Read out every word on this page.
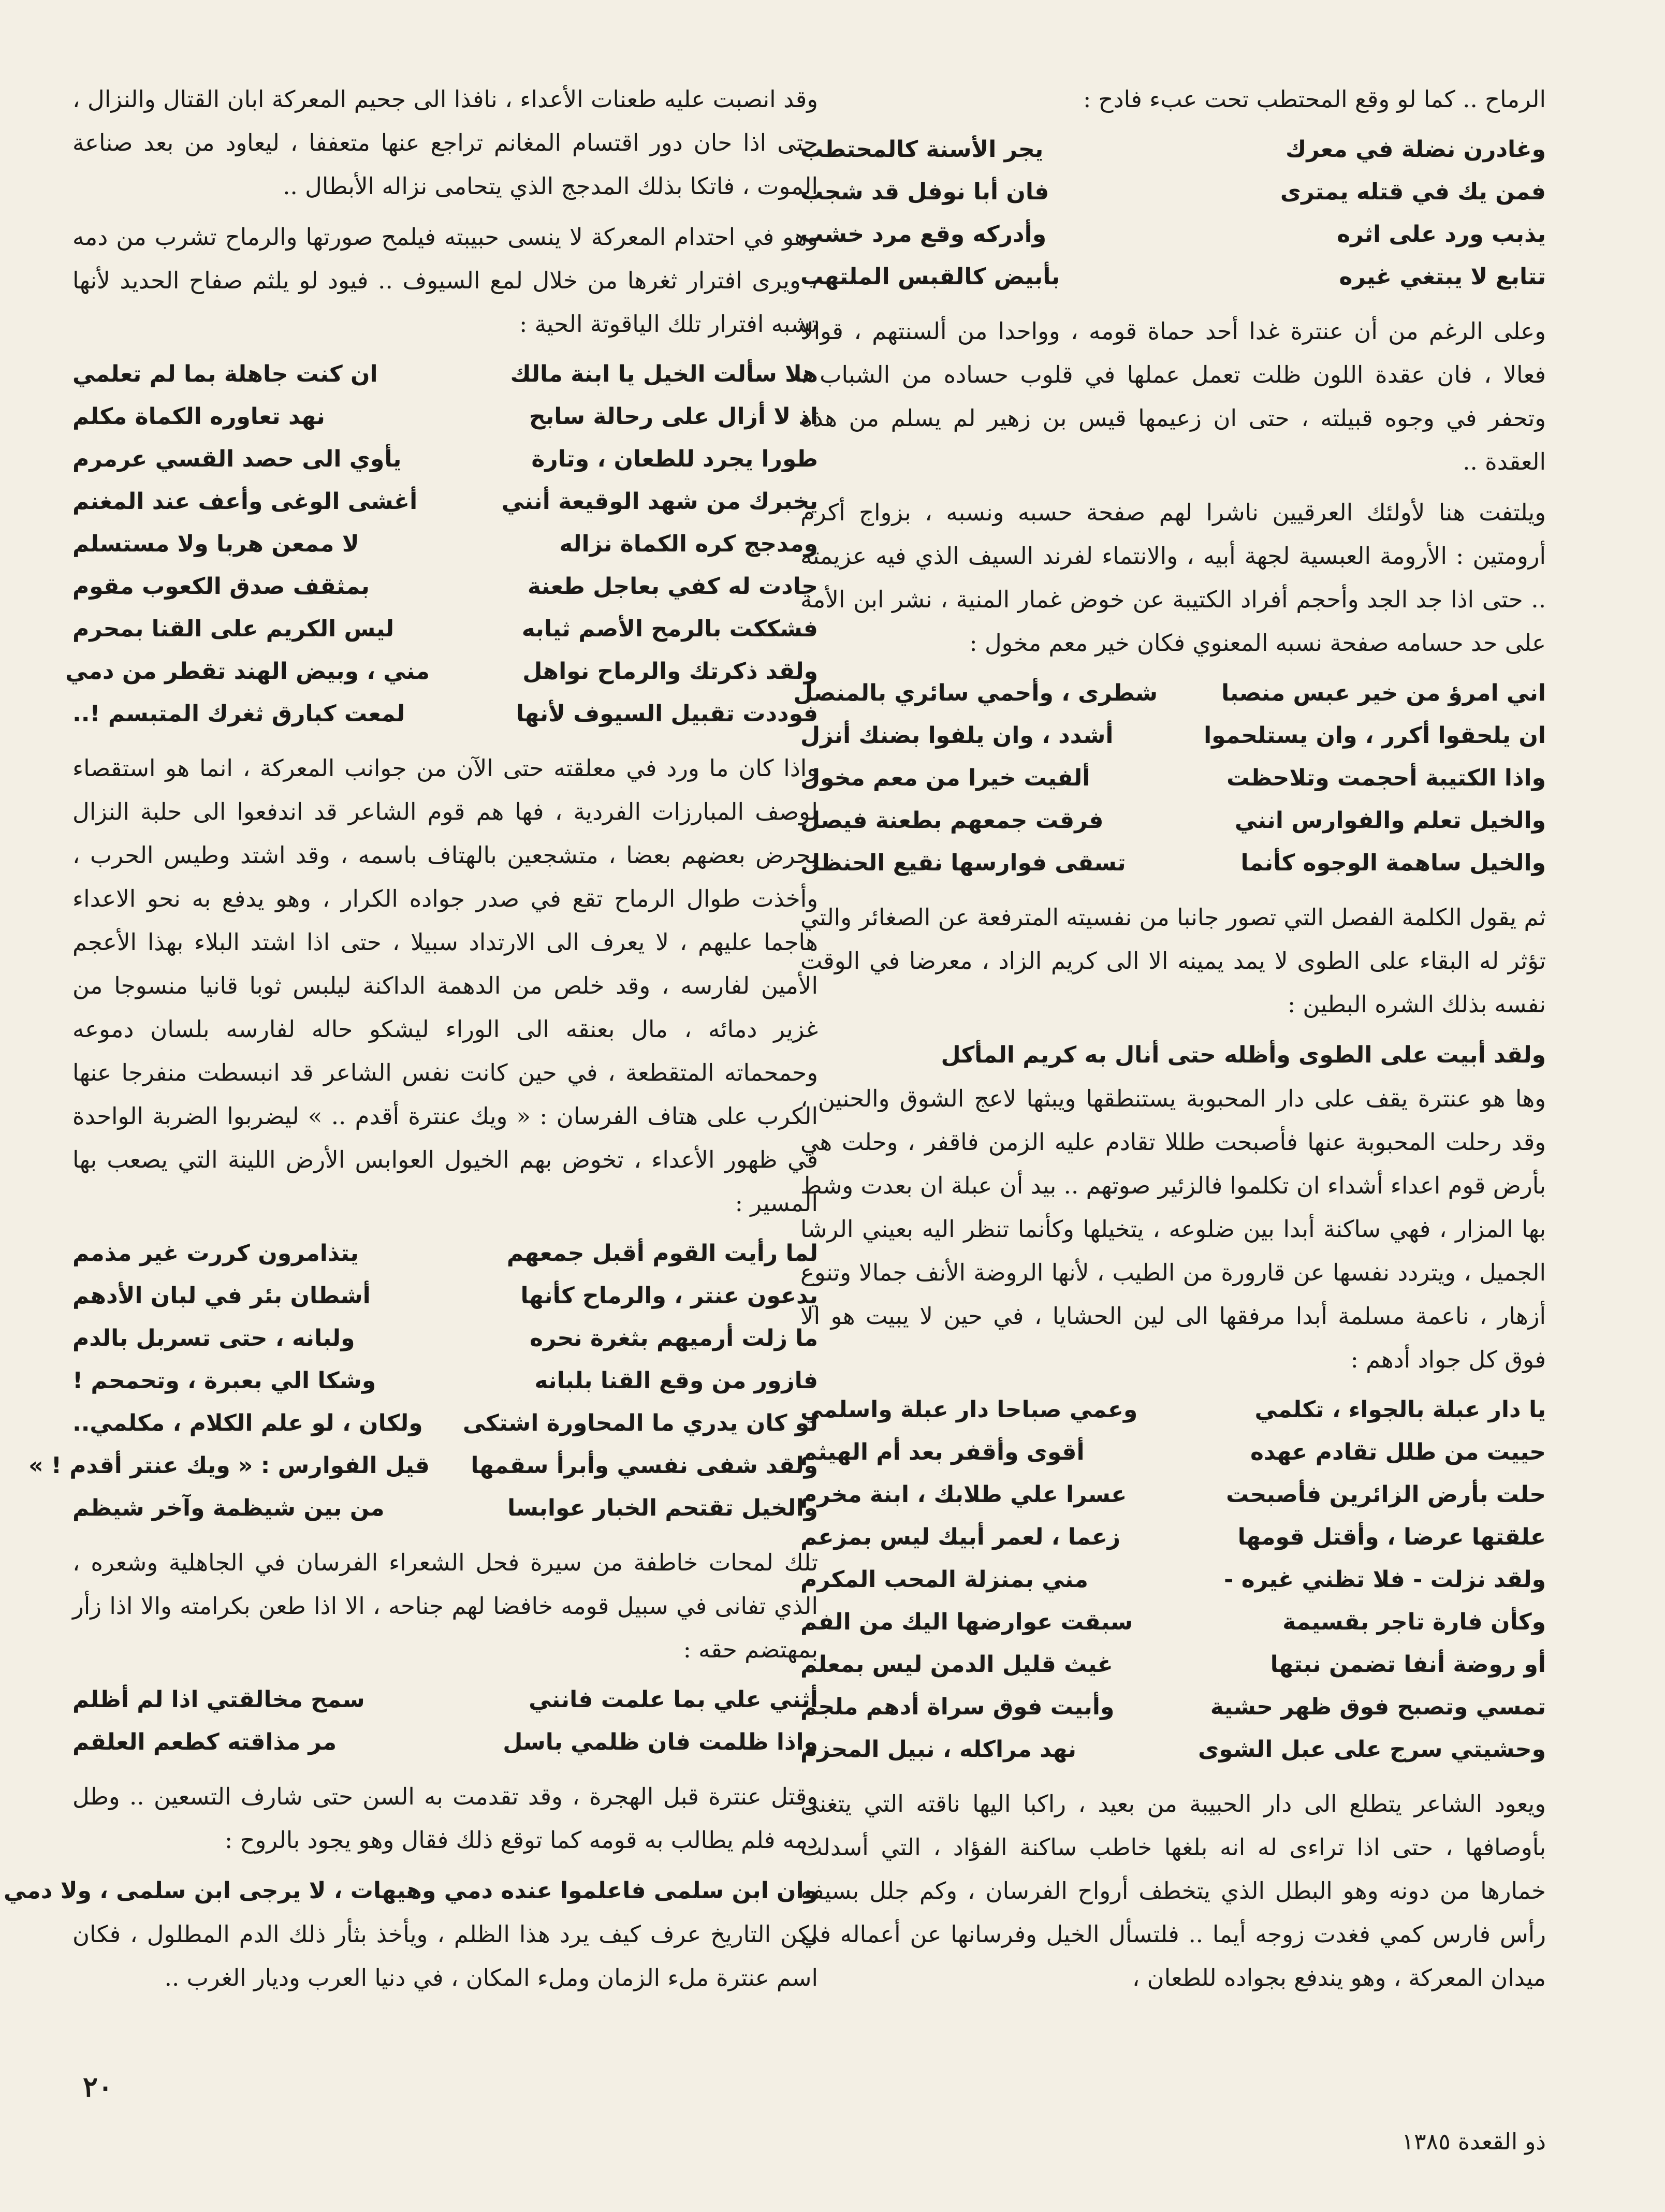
الرماح .. كما لو وقع المحتطب تحت عبء فادح :

وغادرن نضلة في معرك
يجر الأسنة كالمحتطب
فمن يك في قتله يمترى
فان أبا نوفل قد شجب
يذبب ورد على اثره
وأدركه وقع مرد خشب
تتابع لا يبتغي غيره
بأبيض كالقبس الملتهب

وعلى الرغم من أن عنترة غدا أحد حماة قومه ، وواحدا من ألسنتهم ، قوالا فعالا ، فان عقدة اللون ظلت تعمل عملها في قلوب حساده من الشباب ، وتحفر في وجوه قبيلته ، حتى ان زعيمها قيس بن زهير لم يسلم من هذه العقدة ..

ويلتفت هنا لأولئك العرقيين ناشرا لهم صفحة حسبه ونسبه ، بزواج أكرم أرومتين : الأرومة العبسية لجهة أبيه ، والانتماء لفرند السيف الذي فيه عزيمته .. حتى اذا جد الجد وأحجم أفراد الكتيبة عن خوض غمار المنية ، نشر ابن الأمة على حد حسامه صفحة نسبه المعنوي فكان خير معم مخول :

اني امرؤ من خير عبس منصبا
شطرى ، وأحمي سائري بالمنصل
ان يلحقوا أكرر ، وان يستلحموا
أشدد ، وان يلفوا بضنك أنزل
واذا الكتيبة أحجمت وتلاحظت
ألفيت خيرا من معم مخول
والخيل تعلم والفوارس انني
فرقت جمعهم بطعنة فيصل
والخيل ساهمة الوجوه كأنما
تسقى فوارسها نقيع الحنظل

ثم يقول الكلمة الفصل التي تصور جانبا من نفسيته المترفعة عن الصغائر والتي تؤثر له البقاء على الطوى لا يمد يمينه الا الى كريم الزاد ، معرضا في الوقت نفسه بذلك الشره البطين :

ولقد أبيت على الطوى وأظله حتى أنال به كريم المأكل

وها هو عنترة يقف على دار المحبوبة يستنطقها ويبثها لاعج الشوق والحنين ، وقد رحلت المحبوبة عنها فأصبحت طللا تقادم عليه الزمن فاقفر ، وحلت هي بأرض قوم اعداء أشداء ان تكلموا فالزئير صوتهم .. بيد أن عبلة ان بعدت وشط بها المزار ، فهي ساكنة أبدا بين ضلوعه ، يتخيلها وكأنما تنظر اليه بعيني الرشا الجميل ، ويتردد نفسها عن قارورة من الطيب ، لأنها الروضة الأنف جمالا وتنوع أزهار ، ناعمة مسلمة أبدا مرفقها الى لين الحشايا ، في حين لا يبيت هو الا فوق كل جواد أدهم :

يا دار عبلة بالجواء ، تكلمي
وعمي صباحا دار عبلة واسلمي
حييت من طلل تقادم عهده
أقوى وأقفر بعد أم الهيثم
حلت بأرض الزائرين فأصبحت
عسرا علي طلابك ، ابنة مخرم
علقتها عرضا ، وأقتل قومها
زعما ، لعمر أبيك ليس بمزعم
ولقد نزلت - فلا تظني غيره -
مني بمنزلة المحب المكرم
وكأن فارة تاجر بقسيمة
سبقت عوارضها اليك من الفم
أو روضة أنفا تضمن نبتها
غيث قليل الدمن ليس بمعلم
تمسي وتصبح فوق ظهر حشية
وأبيت فوق سراة أدهم ملجم
وحشيتي سرج على عبل الشوى
نهد مراكله ، نبيل المحزم

ويعود الشاعر يتطلع الى دار الحبيبة من بعيد ، راكبا اليها ناقته التي يتغنى بأوصافها ، حتى اذا تراءى له انه بلغها خاطب ساكنة الفؤاد ، التي أسدلت خمارها من دونه وهو البطل الذي يتخطف أرواح الفرسان ، وكم جلل بسيفه رأس فارس كمي فغدت زوجه أيما .. فلتسأل الخيل وفرسانها عن أعماله في ميدان المعركة ، وهو يندفع بجواده للطعان ،

وقد انصبت عليه طعنات الأعداء ، نافذا الى جحيم المعركة ابان القتال والنزال ، حتى اذا حان دور اقتسام المغانم تراجع عنها متعففا ، ليعاود من بعد صناعة الموت ، فاتكا بذلك المدجج الذي يتحامى نزاله الأبطال ..

وهو في احتدام المعركة لا ينسى حبيبته فيلمح صورتها والرماح تشرب من دمه ، ويرى افترار ثغرها من خلال لمع السيوف .. فيود لو يلثم صفاح الحديد لأنها تشبه افترار تلك الياقوتة الحية :

هلا سألت الخيل يا ابنة مالك
ان كنت جاهلة بما لم تعلمي
اذ لا أزال على رحالة سابح
نهد تعاوره الكماة مكلم
طورا يجرد للطعان ، وتارة
يأوي الى حصد القسي عرمرم
يخبرك من شهد الوقيعة أنني
أغشى الوغى وأعف عند المغنم
ومدجج كره الكماة نزاله
لا ممعن هربا ولا مستسلم
جادت له كفي بعاجل طعنة
بمثقف صدق الكعوب مقوم
فشككت بالرمح الأصم ثيابه
ليس الكريم على القنا بمحرم
ولقد ذكرتك والرماح نواهل
مني ، وبيض الهند تقطر من دمي
فوددت تقبيل السيوف لأنها
لمعت كبارق ثغرك المتبسم !..

واذا كان ما ورد في معلقته حتى الآن من جوانب المعركة ، انما هو استقصاء لوصف المبارزات الفردية ، فها هم قوم الشاعر قد اندفعوا الى حلبة النزال يحرض بعضهم بعضا ، متشجعين بالهتاف باسمه ، وقد اشتد وطيس الحرب ، وأخذت طوال الرماح تقع في صدر جواده الكرار ، وهو يدفع به نحو الاعداء هاجما عليهم ، لا يعرف الى الارتداد سبيلا ، حتى اذا اشتد البلاء بهذا الأعجم الأمين لفارسه ، وقد خلص من الدهمة الداكنة ليلبس ثوبا قانيا منسوجا من غزير دمائه ، مال بعنقه الى الوراء ليشكو حاله لفارسه بلسان دموعه وحمحماته المتقطعة ، في حين كانت نفس الشاعر قد انبسطت منفرجا عنها الكرب على هتاف الفرسان : « ويك عنترة أقدم .. » ليضربوا الضربة الواحدة في ظهور الأعداء ، تخوض بهم الخيول العوابس الأرض اللينة التي يصعب بها المسير :

لما رأيت القوم أقبل جمعهم
يتذامرون كررت غير مذمم
يدعون عنتر ، والرماح كأنها
أشطان بئر في لبان الأدهم
ما زلت أرميهم بثغرة نحره
ولبانه ، حتى تسربل بالدم
فازور من وقع القنا بلبانه
وشكا الي بعبرة ، وتحمحم !
لو كان يدري ما المحاورة اشتكى
ولكان ، لو علم الكلام ، مكلمي..
ولقد شفى نفسي وأبرأ سقمها
قيل الفوارس : « ويك عنتر أقدم ! »
والخيل تقتحم الخبار عوابسا
من بين شيظمة وآخر شيظم

تلك لمحات خاطفة من سيرة فحل الشعراء الفرسان في الجاهلية وشعره ، الذي تفانى في سبيل قومه خافضا لهم جناحه ، الا اذا طعن بكرامته والا اذا زأر بمهتضم حقه :

أثني علي بما علمت فانني
سمح مخالقتي اذا لم أظلم
واذا ظلمت فان ظلمي باسل
مر مذاقته كطعم العلقم

وقتل عنترة قبل الهجرة ، وقد تقدمت به السن حتى شارف التسعين .. وطل دمه فلم يطالب به قومه كما توقع ذلك فقال وهو يجود بالروح :

وان ابن سلمى فاعلموا عنده دمي وهيهات ، لا يرجى ابن سلمى ، ولا دمي

لكن التاريخ عرف كيف يرد هذا الظلم ، ويأخذ بثأر ذلك الدم المطلول ، فكان اسم عنترة ملء الزمان وملء المكان ، في دنيا العرب وديار الغرب ..

٢٠
ذو القعدة ١٣٨٥
